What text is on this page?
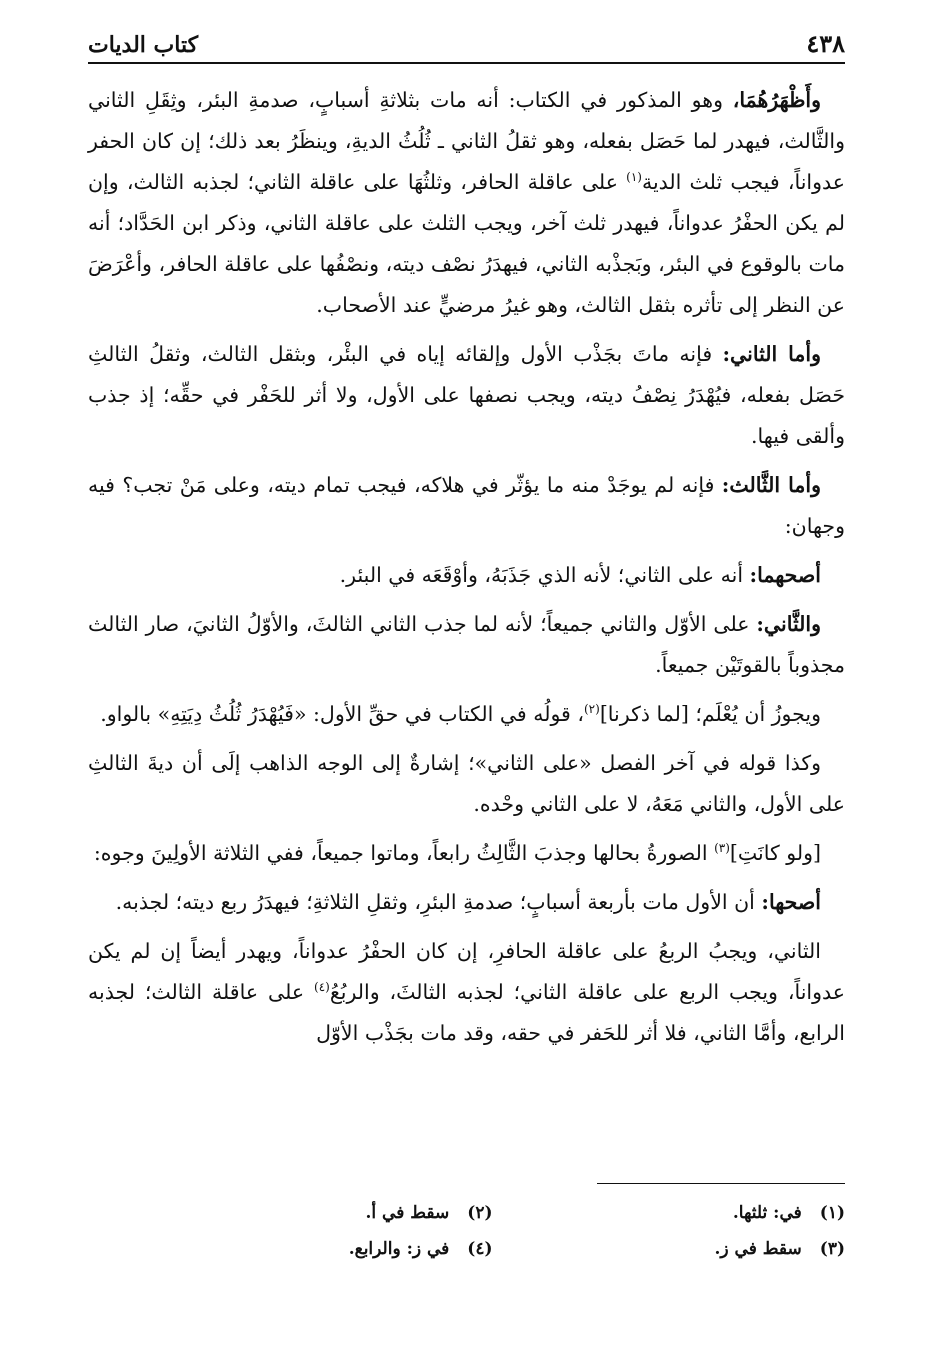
٤٣٨
كتاب الديات

وأَظْهَرُهُمَا، وهو المذكور في الكتاب: أنه مات بثلاثةِ أسبابٍ، صدمةِ البئر، وثِقَلِ الثاني والثَّالث، فيهدر لما حَصَل بفعله، وهو ثقلُ الثاني ـ ثُلُثُ الديةِ، وينظَرُ بعد ذلك؛ إن كان الحفر عدواناً، فيجب ثلث الدية$^{(١)}$ على عاقلة الحافر، وثلثُهَا على عاقلة الثاني؛ لجذبه الثالث، وإن لم يكن الحفْرُ عدواناً، فيهدر ثلث آخر، ويجب الثلث على عاقلة الثاني، وذكر ابن الحَدَّاد؛ أنه مات بالوقوع في البئر، وبَجذْبه الثاني، فيهدَرُ نصْف ديته، ونصْفُها على عاقلة الحافر، وأعْرَضَ عن النظر إلى تأثره بثقل الثالث، وهو غيرُ مرضيٍّ عند الأصحاب.

وأما الثاني: فإنه ماتَ بجَذْب الأول وإلقائه إياه في البئْر، وبثقل الثالث، وثقلُ الثالثِ حَصَل بفعله، فيُهْدَرُ نِصْفُ ديته، ويجب نصفها على الأول، ولا أثر للحَفْر في حقِّه؛ إذ جذب وألقى فيها.

وأما الثَّالث: فإنه لم يوجَدْ منه ما يؤثّر في هلاكه، فيجب تمام ديته، وعلى مَنْ تجب؟ فيه وجهان:

أصحهما: أنه على الثاني؛ لأنه الذي جَذَبَهُ، وأوْقَعَه في البئر.

والثَّاني: على الأوّل والثاني جميعاً؛ لأنه لما جذب الثاني الثالثَ، والأوّلُ الثانيَ، صار الثالث مجذوباً بالقوتَيْن جميعاً.

ويجوزُ أن يُعْلَم؛ [لما ذكرنا]$^{(٢)}$، قولُه في الكتاب في حقِّ الأول: «فَيُهْدَرُ ثُلُثُ دِيَتِهِ» بالواو.

وكذا قوله في آخر الفصل «على الثاني»؛ إشارةٌ إلى الوجه الذاهب إلَى أن ديةَ الثالثِ على الأول، والثاني مَعَهُ، لا على الثاني وحْده.

[ولو كانَتِ]$^{(٣)}$ الصورةُ بحالها وجذبَ الثَّالِثُ رابعاً، وماتوا جميعاً، ففي الثلاثة الأولِينَ وجوه:

أصحها: أن الأول مات بأربعة أسبابٍ؛ صدمةِ البئرِ، وثقلِ الثلاثةِ؛ فيهدَرُ ربع ديته؛ لجذبه.

الثاني، ويجبُ الربعُ على عاقلة الحافرِ، إن كان الحفْرُ عدواناً، ويهدر أيضاً إن لم يكن عدواناً، ويجب الربع على عاقلة الثاني؛ لجذبه الثالثَ، والربُعُ$^{(٤)}$ على عاقلة الثالث؛ لجذبه الرابع، وأمَّا الثاني، فلا أثر للحَفر في حقه، وقد مات بجَذْب الأوّل

(١)في: ثلثها.
(٢)سقط في أ.
(٣)سقط في ز.
(٤)في ز: والرابع.
